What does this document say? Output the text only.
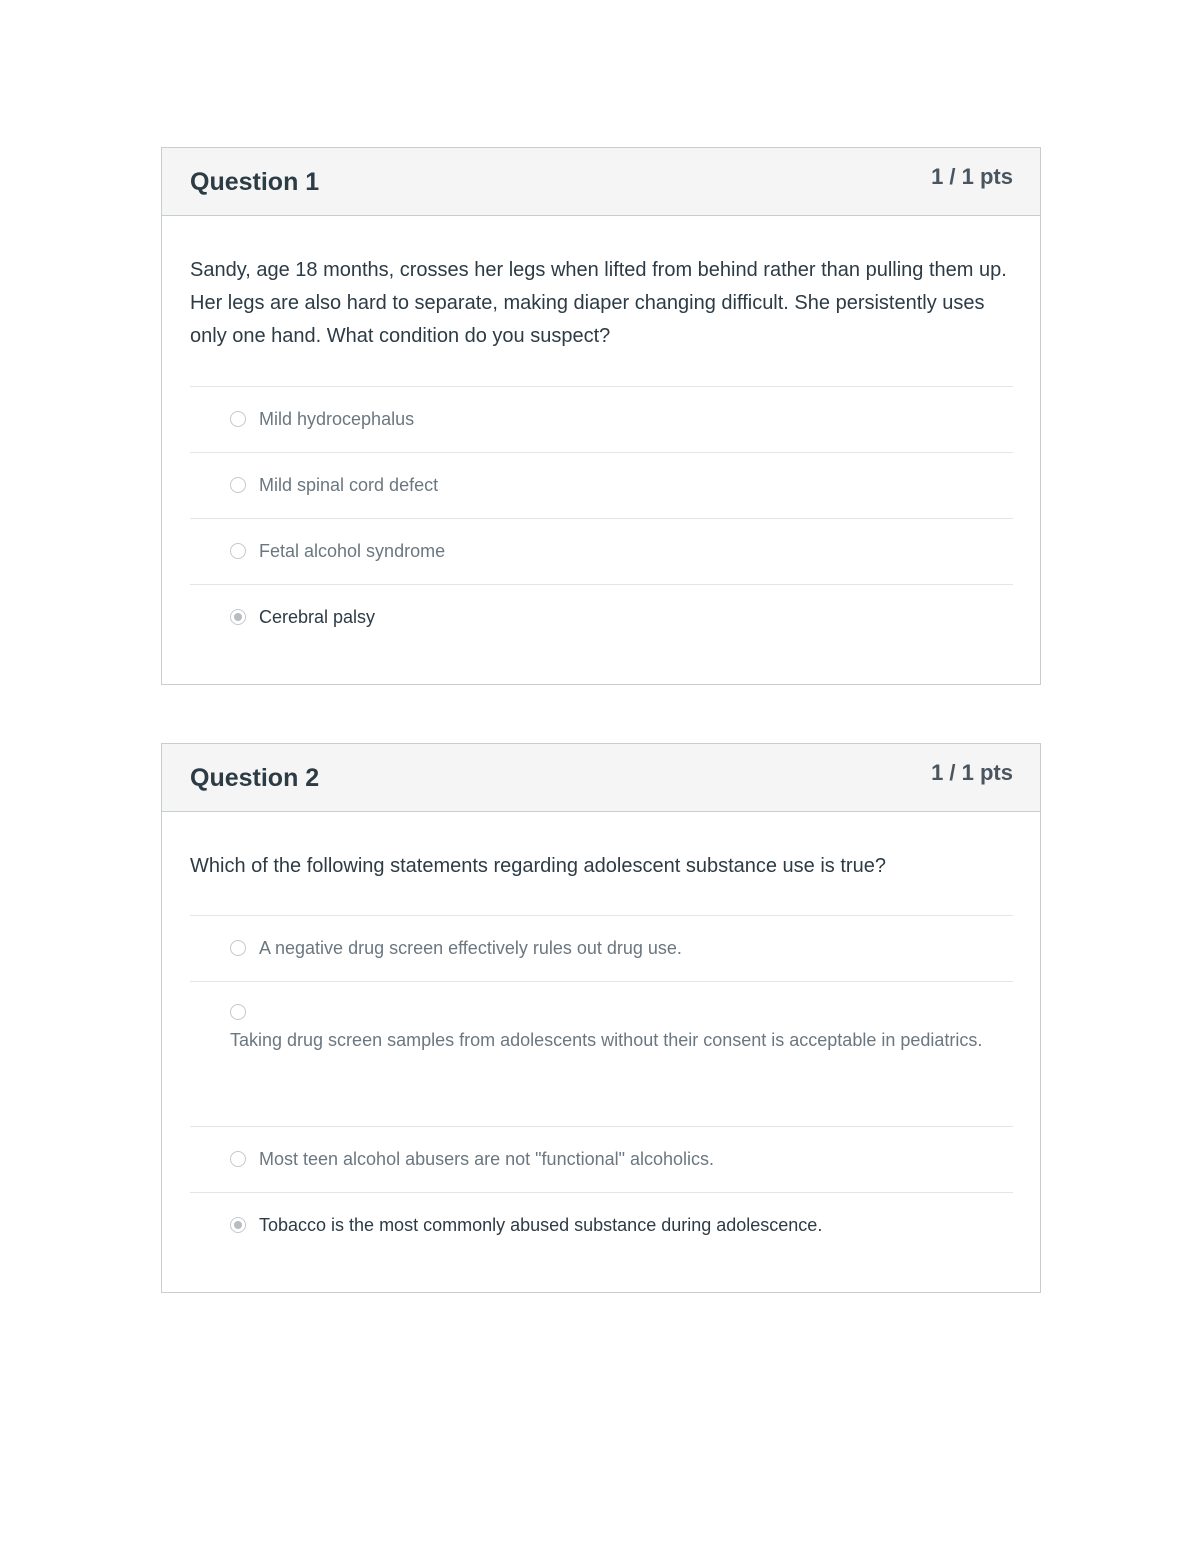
Question 1	1 / 1 pts
Sandy, age 18 months, crosses her legs when lifted from behind rather than pulling them up. Her legs are also hard to separate, making diaper changing difficult. She persistently uses only one hand. What condition do you suspect?
Mild hydrocephalus
Mild spinal cord defect
Fetal alcohol syndrome
Cerebral palsy
Question 2	1 / 1 pts
Which of the following statements regarding adolescent substance use is true?
A negative drug screen effectively rules out drug use.
Taking drug screen samples from adolescents without their consent is acceptable in pediatrics.
Most teen alcohol abusers are not "functional" alcoholics.
Tobacco is the most commonly abused substance during adolescence.
